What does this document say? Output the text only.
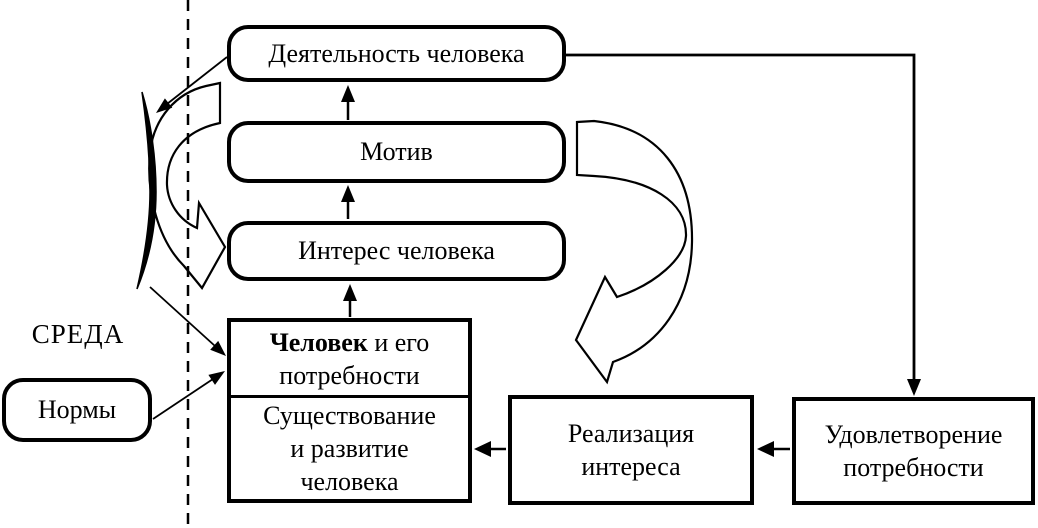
СРЕДА
Деятельность человека
Мотив
Интерес человека
Нормы
Человек и его
потребности
Существование
и развитие
человека
Реализация
интереса
Удовлетворение
потребности
